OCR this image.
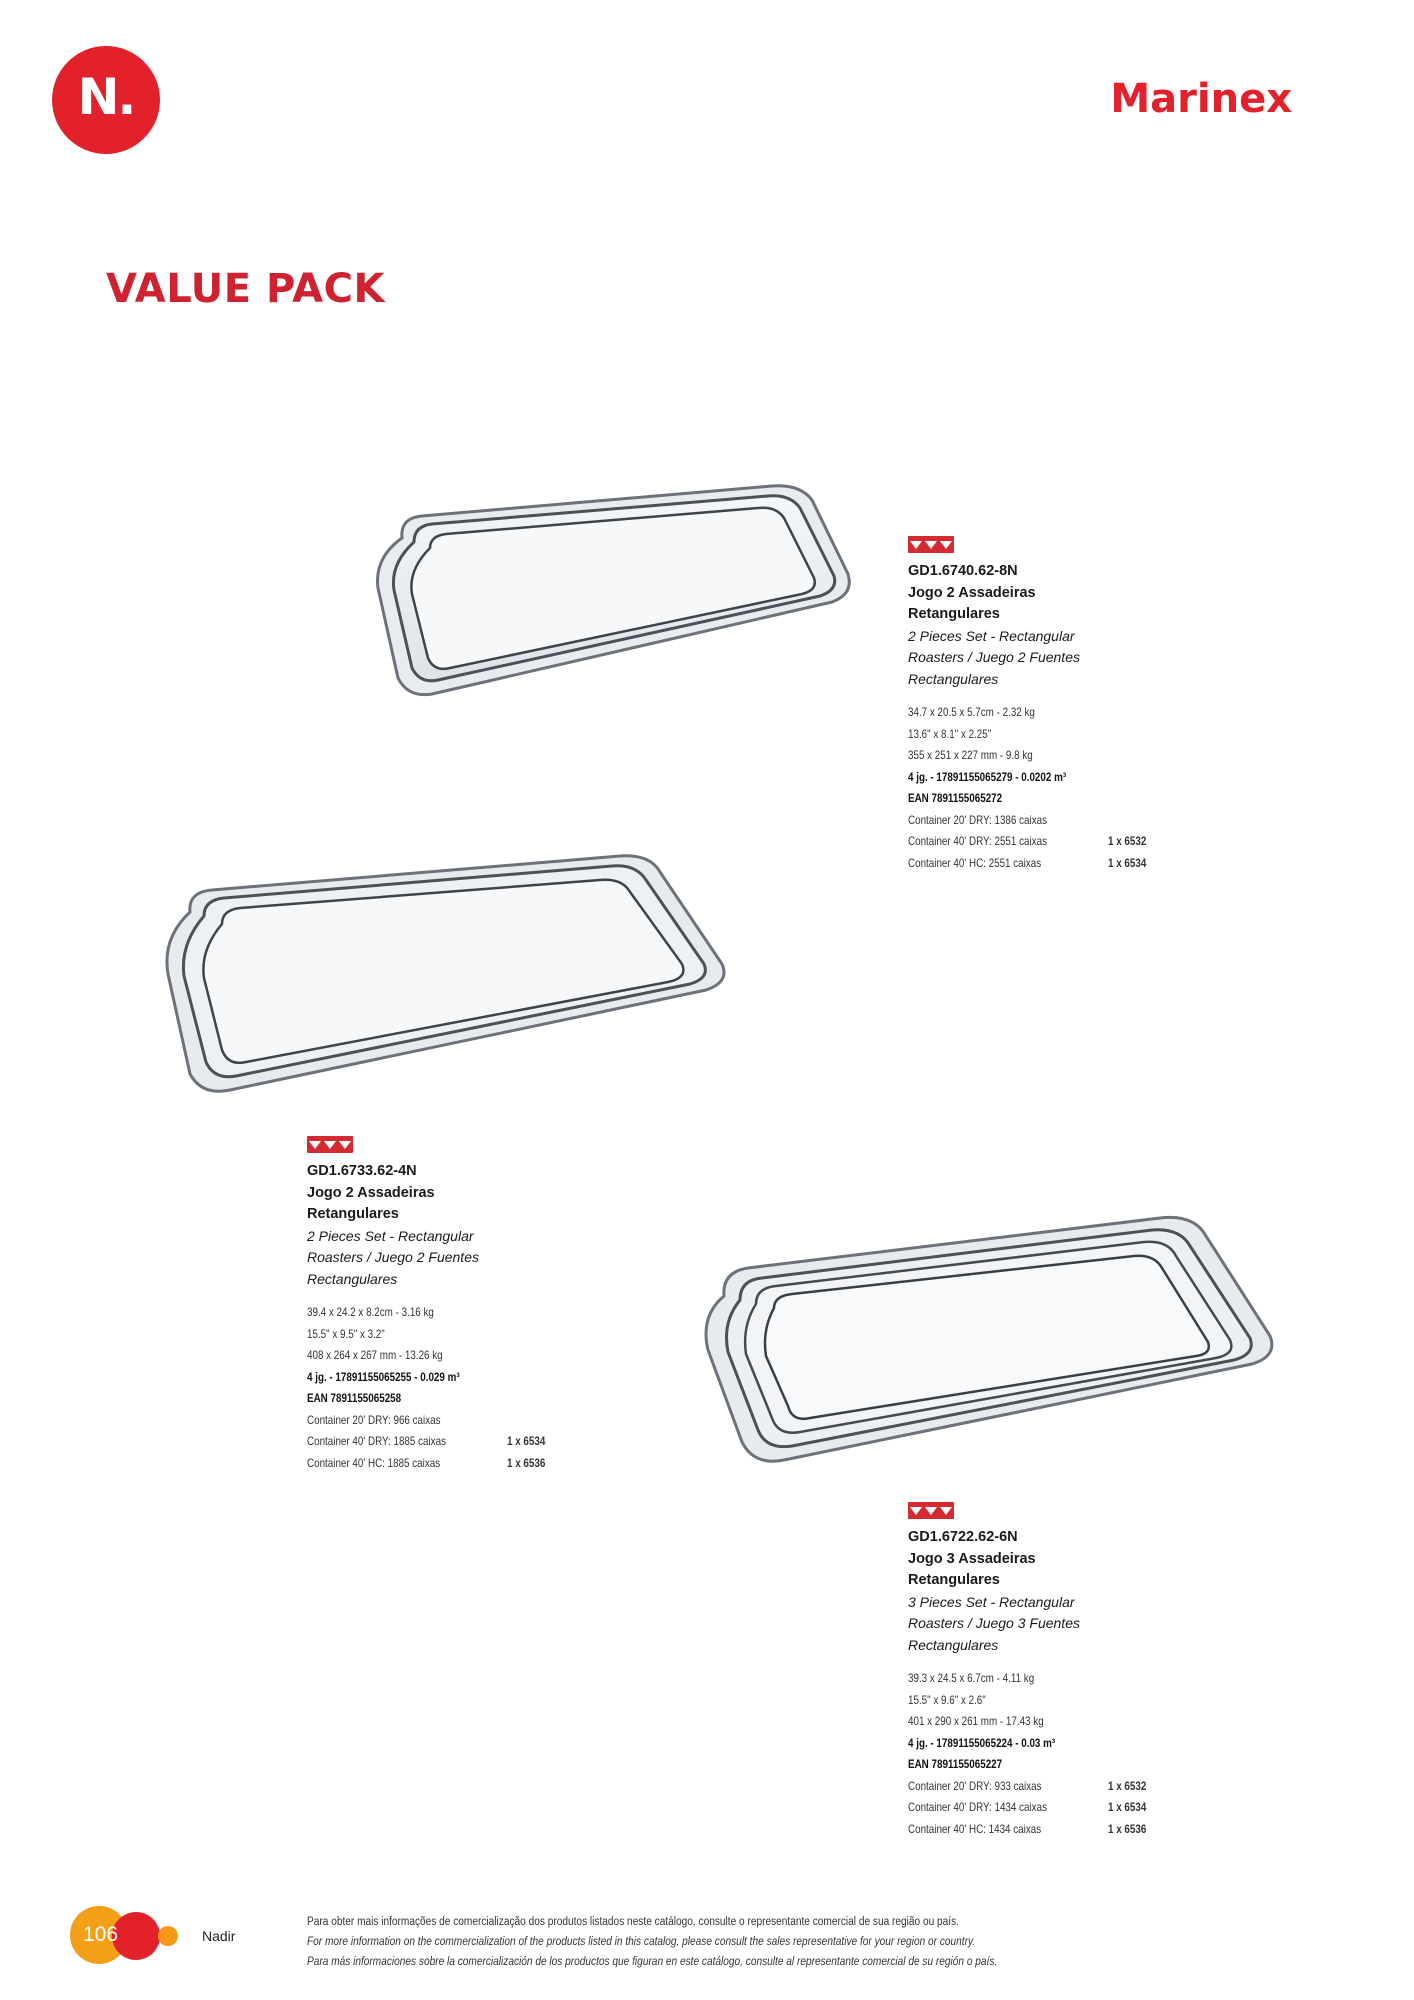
N.	Marinex
VALUE PACK
GD1.6740.62-8N
Jogo 2 Assadeiras
Retangulares
2 Pieces Set - Rectangular
Roasters / Juego 2 Fuentes
Rectangulares
34.7 x 20.5 x 5.7cm - 2.32 kg
13.6" x 8.1" x 2.25"
355 x 251 x 227 mm - 9.8 kg
4 jg. - 17891155065279 - 0.0202 m³
EAN 7891155065272
Container 20' DRY: 1386 caixas
Container 40' DRY: 2551 caixas	1 x 6532
Container 40' HC: 2551 caixas	1 x 6534
GD1.6733.62-4N
Jogo 2 Assadeiras
Retangulares
2 Pieces Set - Rectangular
Roasters / Juego 2 Fuentes
Rectangulares
39.4 x 24.2 x 8.2cm - 3.16 kg
15.5" x 9.5" x 3.2"
408 x 264 x 267 mm - 13.26 kg
4 jg. - 17891155065255 - 0.029 m³
EAN 7891155065258
Container 20' DRY: 966 caixas
Container 40' DRY: 1885 caixas	1 x 6534
Container 40' HC: 1885 caixas	1 x 6536
GD1.6722.62-6N
Jogo 3 Assadeiras
Retangulares
3 Pieces Set - Rectangular
Roasters / Juego 3 Fuentes
Rectangulares
39.3 x 24.5 x 6.7cm - 4.11 kg
15.5" x 9.6" x 2.6"
401 x 290 x 261 mm - 17.43 kg
4 jg. - 17891155065224 - 0.03 m³
EAN 7891155065227
Container 20' DRY: 933 caixas	1 x 6532
Container 40' DRY: 1434 caixas	1 x 6534
Container 40' HC: 1434 caixas	1 x 6536
106	Nadir
Para obter mais informações de comercialização dos produtos listados neste catálogo, consulte o representante comercial de sua região ou país.
For more information on the commercialization of the products listed in this catalog, please consult the sales representative for your region or country.
Para más informaciones sobre la comercialización de los productos que figuran en este catálogo, consulte al representante comercial de su región o país.
